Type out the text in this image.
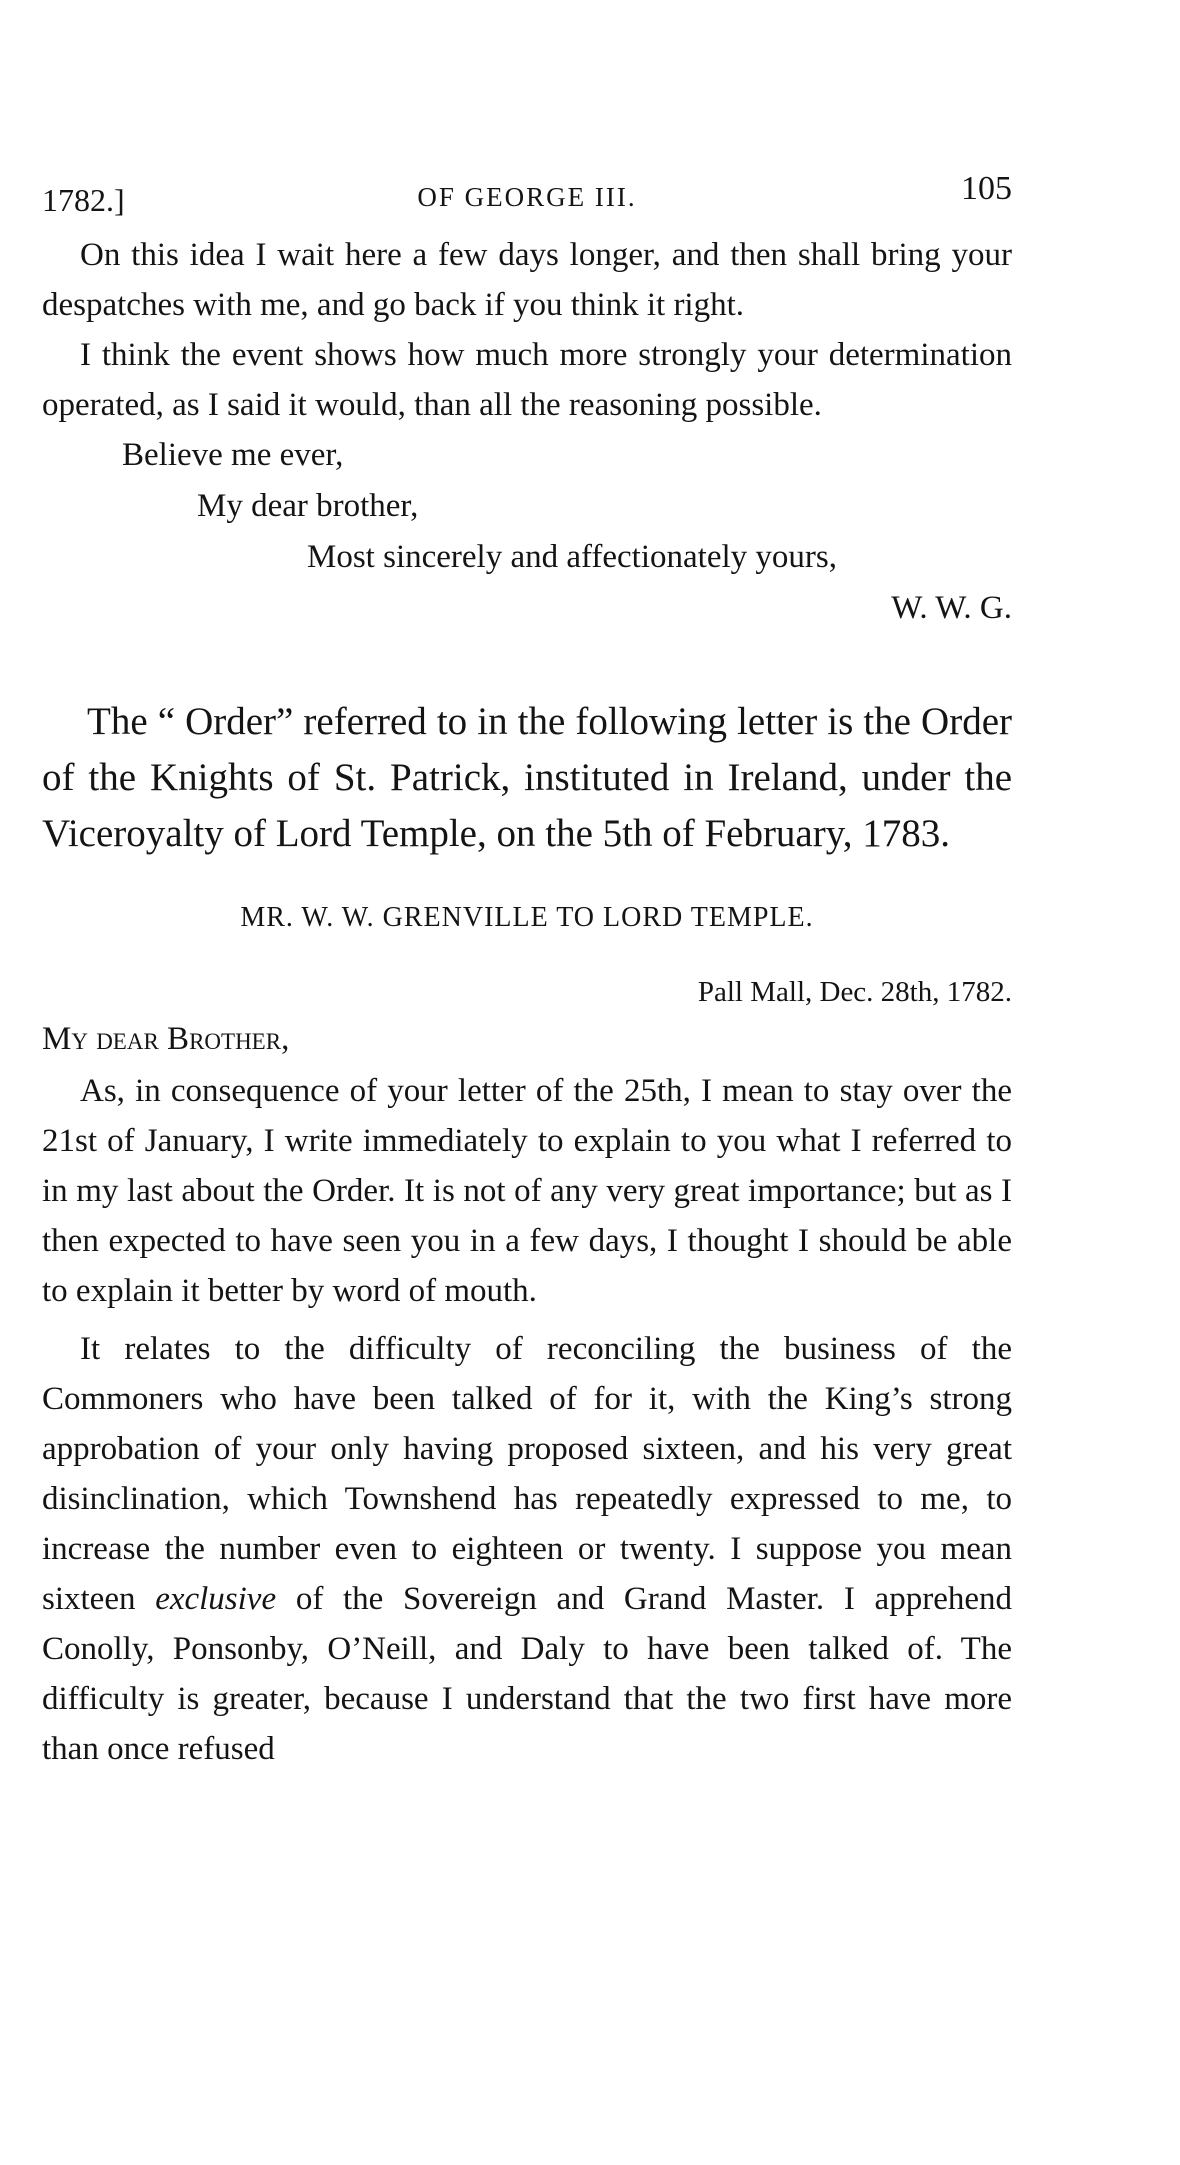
1782.]	OF GEORGE III.	105

On this idea I wait here a few days longer, and then shall bring your despatches with me, and go back if you think it right.

I think the event shows how much more strongly your determination operated, as I said it would, than all the reasoning possible.

Believe me ever,
My dear brother,
Most sincerely and affectionately yours,
W. W. G.

The “ Order” referred to in the following letter is the Order of the Knights of St. Patrick, instituted in Ireland, under the Viceroyalty of Lord Temple, on the 5th of February, 1783.

MR. W. W. GRENVILLE TO LORD TEMPLE.
Pall Mall, Dec. 28th, 1782.
My dear Brother,

As, in consequence of your letter of the 25th, I mean to stay over the 21st of January, I write immediately to explain to you what I referred to in my last about the Order. It is not of any very great importance; but as I then expected to have seen you in a few days, I thought I should be able to explain it better by word of mouth.

It relates to the difficulty of reconciling the business of the Commoners who have been talked of for it, with the King’s strong approbation of your only having proposed sixteen, and his very great disinclination, which Townshend has repeatedly expressed to me, to increase the number even to eighteen or twenty. I suppose you mean sixteen exclusive of the Sovereign and Grand Master. I apprehend Conolly, Ponsonby, O’Neill, and Daly to have been talked of. The difficulty is greater, because I understand that the two first have more than once refused
